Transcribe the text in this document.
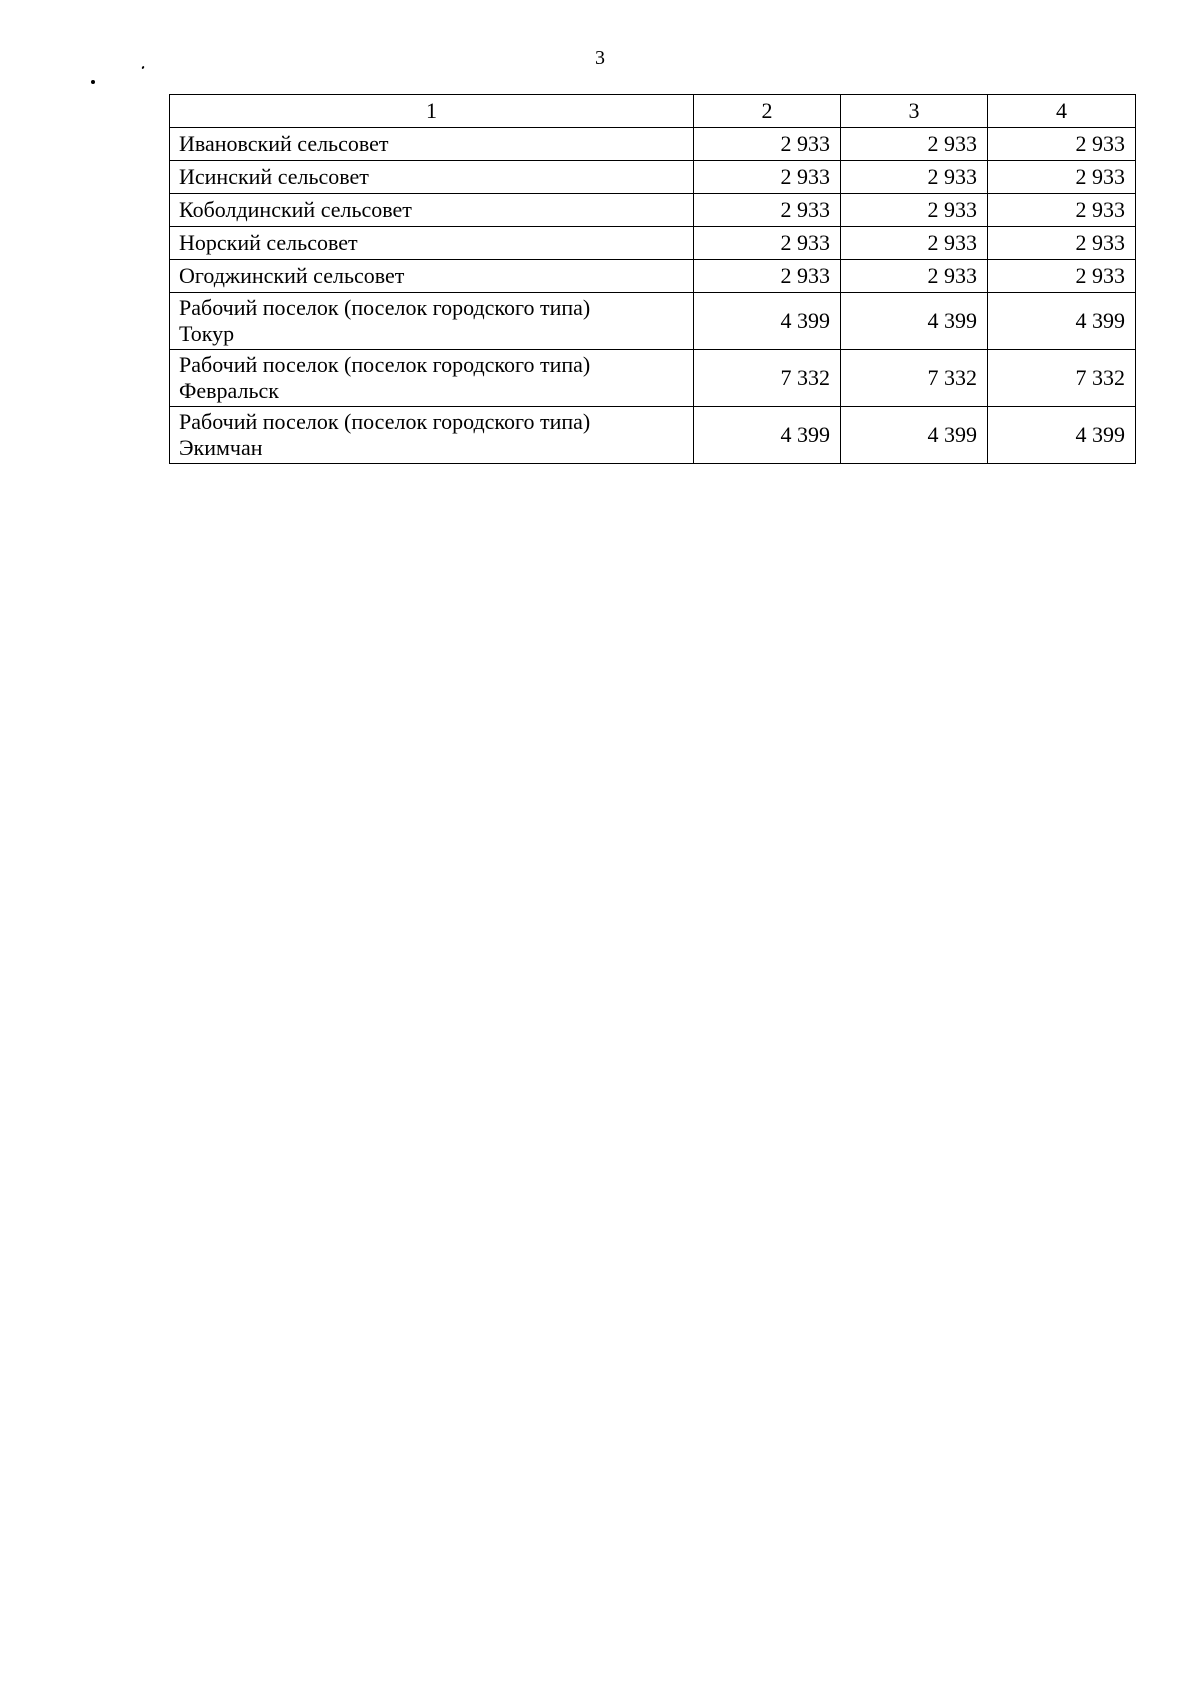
3
1	2	3	4
Ивановский сельсовет	2 933	2 933	2 933
Исинский сельсовет	2 933	2 933	2 933
Коболдинский сельсовет	2 933	2 933	2 933
Норский сельсовет	2 933	2 933	2 933
Огоджинский сельсовет	2 933	2 933	2 933
Рабочий поселок (поселок городского типа)
Токур	4 399	4 399	4 399
Рабочий поселок (поселок городского типа)
Февральск	7 332	7 332	7 332
Рабочий поселок (поселок городского типа)
Экимчан	4 399	4 399	4 399
